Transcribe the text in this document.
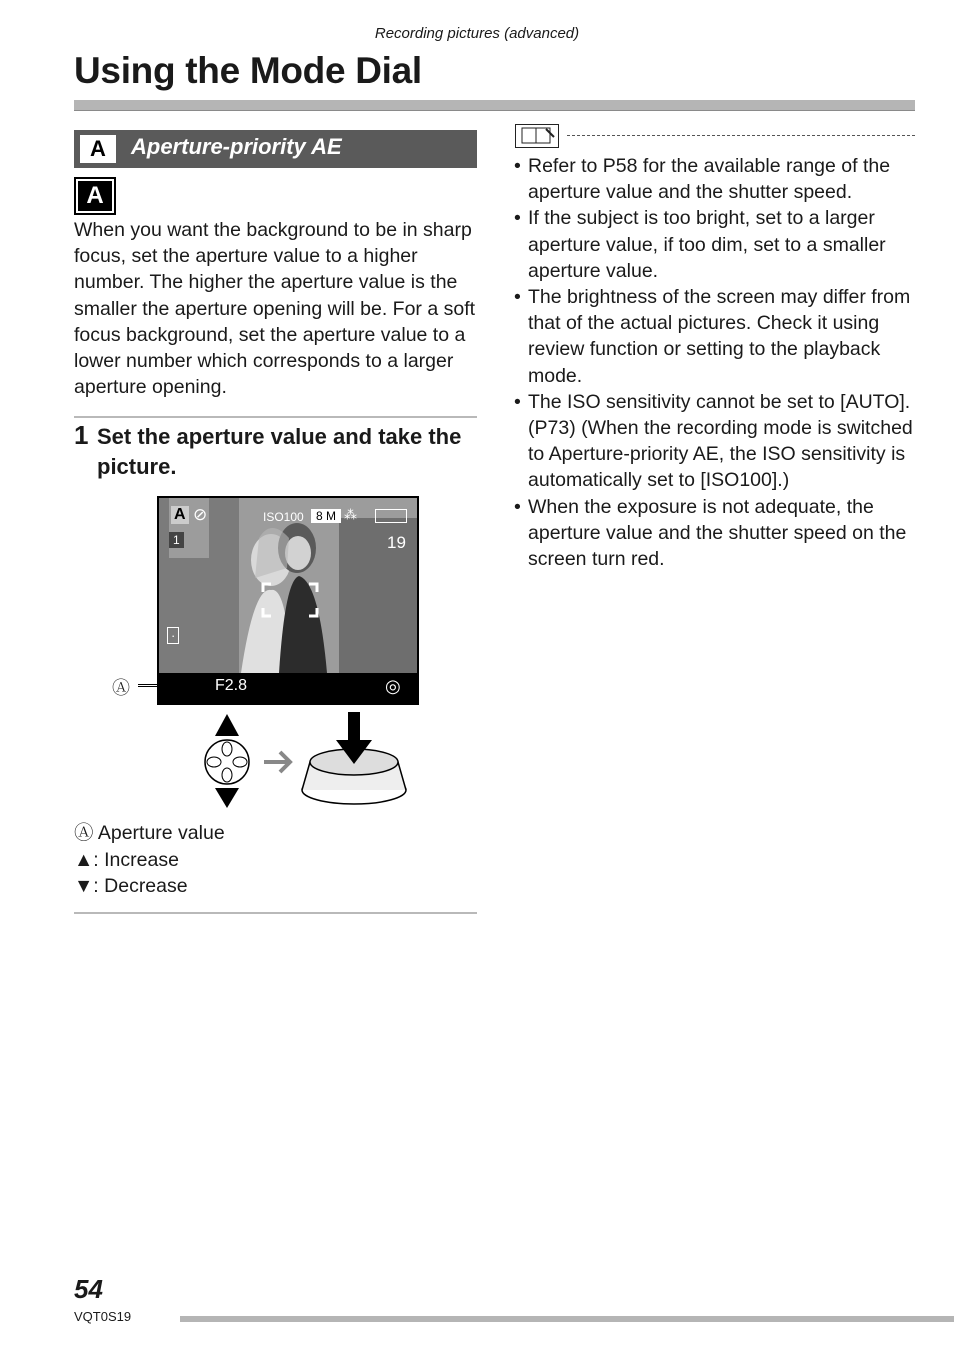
Recording pictures (advanced)
Using the Mode Dial
A	Aperture-priority AE
A
When you want the background to be in sharp focus, set the aperture value to a higher number. The higher the aperture value is the smaller the aperture opening will be. For a soft focus background, set the aperture value to a lower number which corresponds to a larger aperture opening.
1 Set the aperture value and take the picture.
A ⊘	ISO100	8 M ⁂
1	19
·
F2.8	◎
Ⓐ
Ⓐ Aperture value
▲: Increase
▼: Decrease
• Refer to P58 for the available range of the aperture value and the shutter speed.
• If the subject is too bright, set to a larger aperture value, if too dim, set to a smaller aperture value.
• The brightness of the screen may differ from that of the actual pictures. Check it using review function or setting to the playback mode.
• The ISO sensitivity cannot be set to [AUTO]. (P73) (When the recording mode is switched to Aperture-priority AE, the ISO sensitivity is automatically set to [ISO100].)
• When the exposure is not adequate, the aperture value and the shutter speed on the screen turn red.
54
VQT0S19
